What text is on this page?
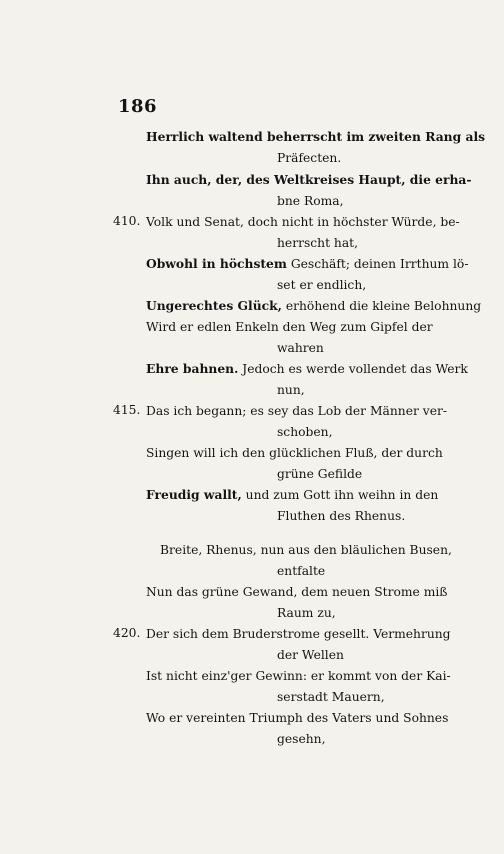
186
Herrlich waltend beherrscht im zweiten Rang als
Präfecten.
Ihn auch, der, des Weltkreises Haupt, die erha-
bne Roma,
410. Volk und Senat, doch nicht in höchster Würde, be-
herrscht hat,
Obwohl in höchstem Geschäft; deinen Irrthum lö-
set er endlich,
Ungerechtes Glück, erhöhend die kleine Belohnung
Wird er edlen Enkeln den Weg zum Gipfel der
wahren
Ehre bahnen. Jedoch es werde vollendet das Werk
nun,
415. Das ich begann; es sey das Lob der Männer ver-
schoben,
Singen will ich den glücklichen Fluß, der durch
grüne Gefilde
Freudig wallt, und zum Gott ihn weihn in den
Fluthen des Rhenus.
Breite, Rhenus, nun aus den bläulichen Busen,
entfalte
Nun das grüne Gewand, dem neuen Strome miß
Raum zu,
420. Der sich dem Bruderstrome gesellt. Vermehrung
der Wellen
Ist nicht einz'ger Gewinn: er kommt von der Kai-
serstadt Mauern,
Wo er vereinten Triumph des Vaters und Sohnes
gesehn,
